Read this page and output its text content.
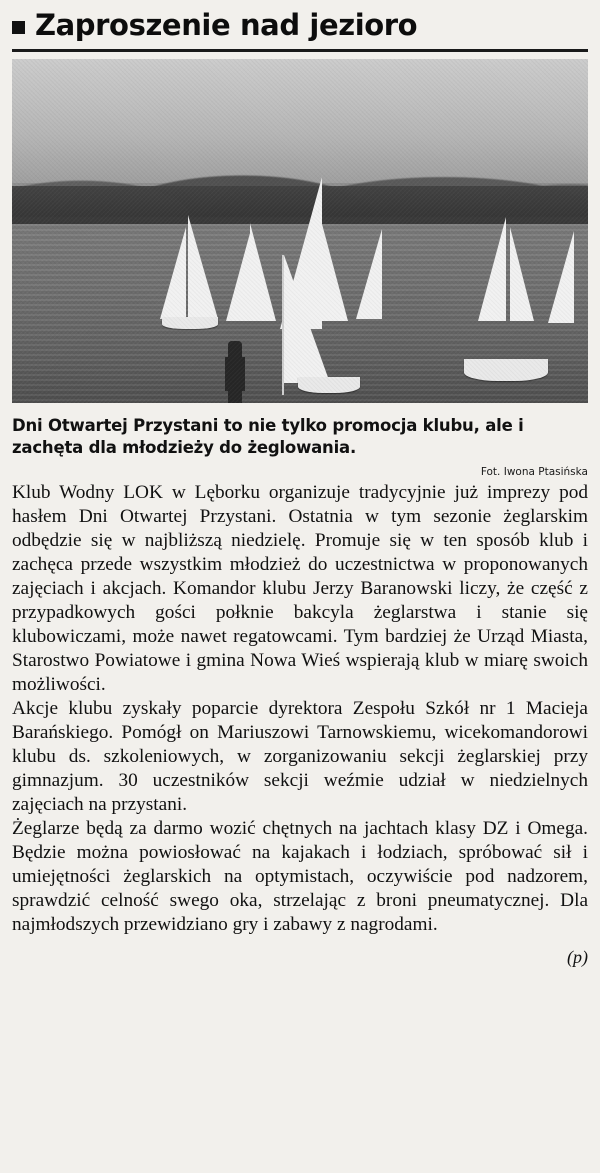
Zaproszenie nad jezioro
Dni Otwartej Przystani to nie tylko promocja klubu, ale i zachęta dla młodzieży do żeglowania.
Fot. Iwona Ptasińska

Klub Wodny LOK w Lęborku organizuje tradycyjnie już imprezy pod hasłem Dni Otwartej Przystani. Ostatnia w tym sezonie żeglarskim odbędzie się w najbliższą niedzielę. Promuje się w ten sposób klub i zachęca przede wszystkim młodzież do uczestnictwa w proponowanych zajęciach i akcjach. Komandor klubu Jerzy Baranowski liczy, że część z przypadkowych gości połknie bakcyla żeglarstwa i stanie się klubowiczami, może nawet regatowcami. Tym bardziej że Urząd Miasta, Starostwo Powiatowe i gmina Nowa Wieś wspierają klub w miarę swoich możliwości.

Akcje klubu zyskały poparcie dyrektora Zespołu Szkół nr 1 Macieja Barańskiego. Pomógł on Mariuszowi Tarnowskiemu, wicekomandorowi klubu ds. szkoleniowych, w zorganizowaniu sekcji żeglarskiej przy gimnazjum. 30 uczestników sekcji weźmie udział w niedzielnych zajęciach na przystani.

Żeglarze będą za darmo wozić chętnych na jachtach klasy DZ i Omega. Będzie można powiosłować na kajakach i łodziach, spróbować sił i umiejętności żeglarskich na optymistach, oczywiście pod nadzorem, sprawdzić celność swego oka, strzelając z broni pneumatycznej. Dla najmłodszych przewidziano gry i zabawy z nagrodami.

(p)
